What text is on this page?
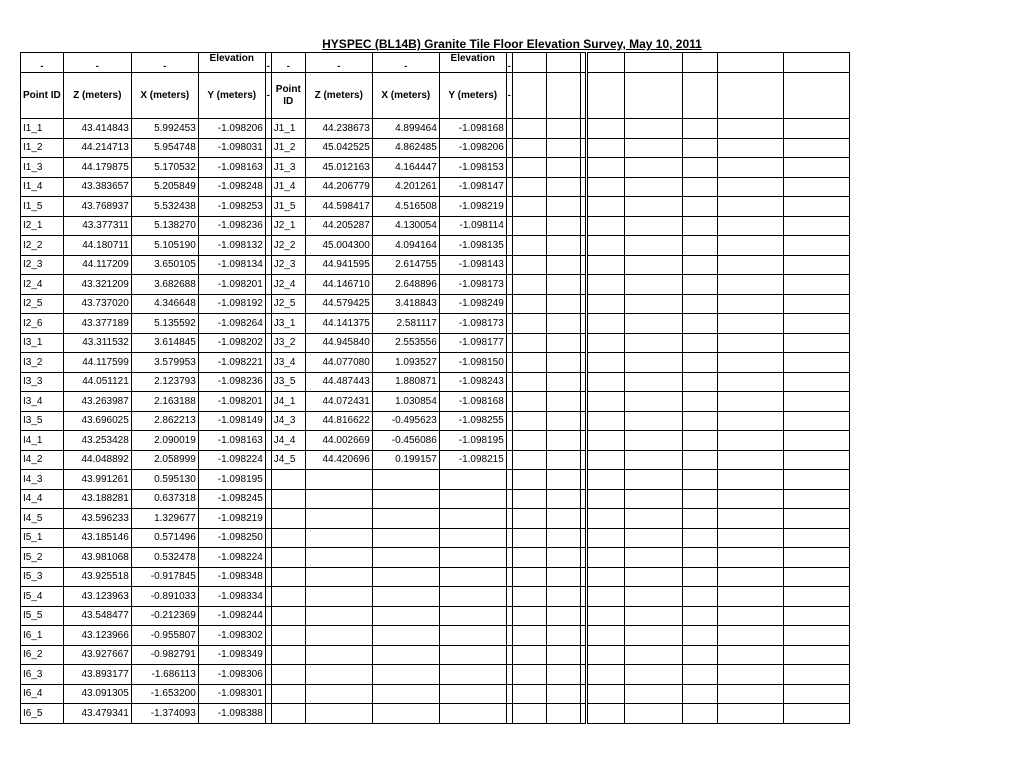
HYSPEC (BL14B) Granite Tile Floor Elevation Survey, May 10, 2011
-	-	-	Elevation	-	-	-	-	Elevation	-								
Point ID	Z (meters)	X (meters)	Y (meters)	-	Point ID	Z (meters)	X (meters)	Y (meters)	-								
I1_1	43.414843	5.992453	-1.098206		J1_1	44.238673	4.899464	-1.098168									
I1_2	44.214713	5.954748	-1.098031		J1_2	45.042525	4.862485	-1.098206									
I1_3	44.179875	5.170532	-1.098163		J1_3	45.012163	4.164447	-1.098153									
I1_4	43.383657	5.205849	-1.098248		J1_4	44.206779	4.201261	-1.098147									
I1_5	43.768937	5.532438	-1.098253		J1_5	44.598417	4.516508	-1.098219									
I2_1	43.377311	5.138270	-1.098236		J2_1	44.205287	4.130054	-1.098114									
I2_2	44.180711	5.105190	-1.098132		J2_2	45.004300	4.094164	-1.098135									
I2_3	44.117209	3.650105	-1.098134		J2_3	44.941595	2.614755	-1.098143									
I2_4	43.321209	3.682688	-1.098201		J2_4	44.146710	2.648896	-1.098173									
I2_5	43.737020	4.346648	-1.098192		J2_5	44.579425	3.418843	-1.098249									
I2_6	43.377189	5.135592	-1.098264		J3_1	44.141375	2.581117	-1.098173									
I3_1	43.311532	3.614845	-1.098202		J3_2	44.945840	2.553556	-1.098177									
I3_2	44.117599	3.579953	-1.098221		J3_4	44.077080	1.093527	-1.098150									
I3_3	44.051121	2.123793	-1.098236		J3_5	44.487443	1.880871	-1.098243									
I3_4	43.263987	2.163188	-1.098201		J4_1	44.072431	1.030854	-1.098168									
I3_5	43.696025	2.862213	-1.098149		J4_3	44.816622	-0.495623	-1.098255									
I4_1	43.253428	2.090019	-1.098163		J4_4	44.002669	-0.456086	-1.098195									
I4_2	44.048892	2.058999	-1.098224		J4_5	44.420696	0.199157	-1.098215									
I4_3	43.991261	0.595130	-1.098195														
I4_4	43.188281	0.637318	-1.098245														
I4_5	43.596233	1.329677	-1.098219														
I5_1	43.185146	0.571496	-1.098250														
I5_2	43.981068	0.532478	-1.098224														
I5_3	43.925518	-0.917845	-1.098348														
I5_4	43.123963	-0.891033	-1.098334														
I5_5	43.548477	-0.212369	-1.098244														
I6_1	43.123966	-0.955807	-1.098302														
I6_2	43.927667	-0.982791	-1.098349														
I6_3	43.893177	-1.686113	-1.098306														
I6_4	43.091305	-1.653200	-1.098301														
I6_5	43.479341	-1.374093	-1.098388														
